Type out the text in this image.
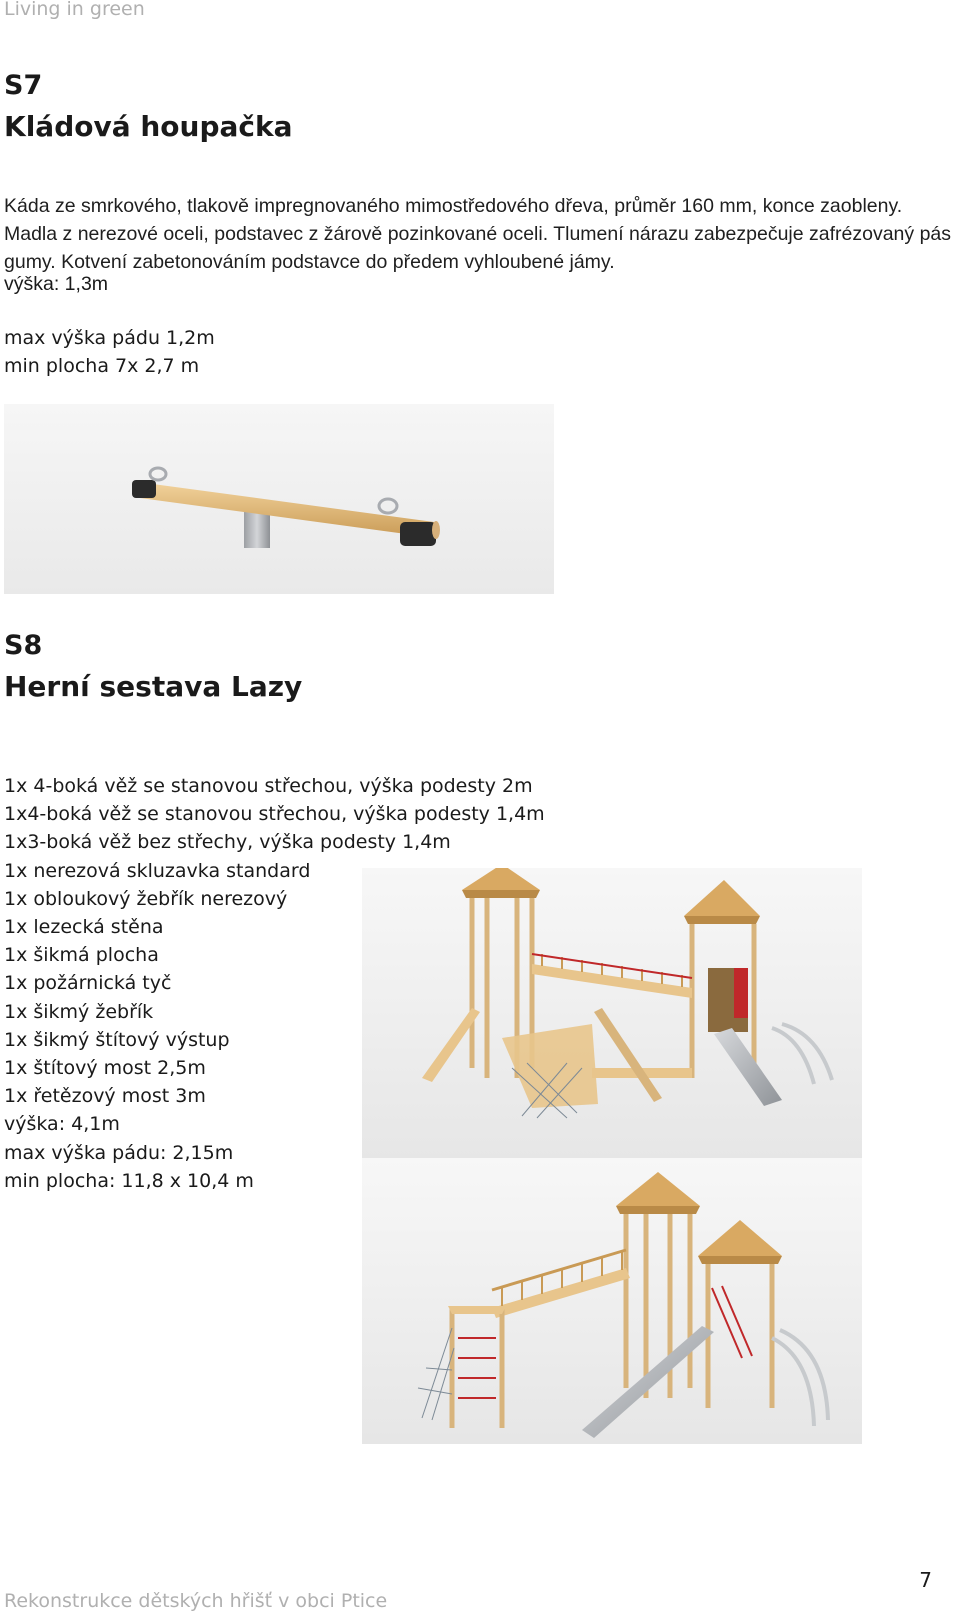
Living in green
S7
Kládová houpačka
Káda ze smrkového, tlakově impregnovaného mimostředového dřeva, průměr 160 mm, konce zaobleny. Madla z nerezové oceli, podstavec z žárově pozinkované oceli. Tlumení nárazu zabezpečuje zafrézovaný pás gumy. Kotvení zabetonováním podstavce do předem vyhloubené jámy.
výška: 1,3m
max výška pádu 1,2m
min plocha 7x 2,7 m
S8
Herní sestava Lazy
1x 4-boká věž se stanovou střechou, výška podesty 2m
1x4-boká věž se stanovou střechou, výška podesty 1,4m
1x3-boká věž bez střechy, výška podesty 1,4m
1x nerezová skluzavka standard
1x obloukový žebřík nerezový
1x lezecká stěna
1x šikmá plocha
1x požárnická tyč
1x šikmý žebřík
1x šikmý štítový výstup
1x štítový most 2,5m
1x řetězový most 3m
výška: 4,1m
max výška pádu: 2,15m
min plocha: 11,8 x 10,4 m
Rekonstrukce dětských hřišť v obci Ptice
7
